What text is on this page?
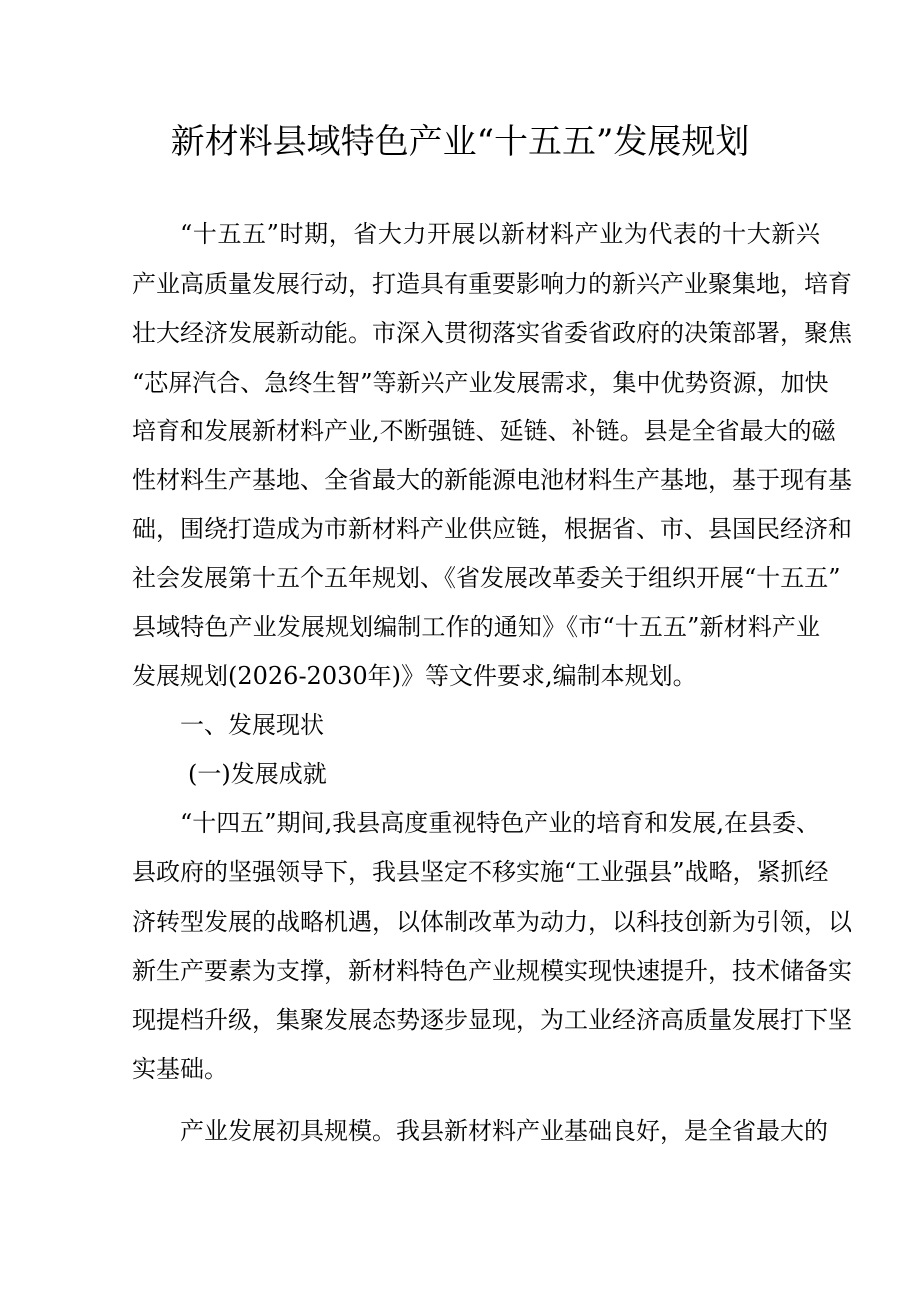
新材料县域特色产业“十五五”发展规划
“十五五”时期，省大力开展以新材料产业为代表的十大新兴
产业高质量发展行动，打造具有重要影响力的新兴产业聚集地，培育
壮大经济发展新动能。市深入贯彻落实省委省政府的决策部署，聚焦
“芯屏汽合、急终生智”等新兴产业发展需求，集中优势资源，加快
培育和发展新材料产业,不断强链、延链、补链。县是全省最大的磁
性材料生产基地、全省最大的新能源电池材料生产基地，基于现有基
础，围绕打造成为市新材料产业供应链，根据省、市、县国民经济和
社会发展第十五个五年规划、《省发展改革委关于组织开展“十五五”
县域特色产业发展规划编制工作的通知》《市“十五五”新材料产业
发展规划(2026-2030年)》等文件要求,编制本规划。
一、发展现状
(一)发展成就
“十四五”期间,我县高度重视特色产业的培育和发展,在县委、
县政府的坚强领导下，我县坚定不移实施“工业强县”战略，紧抓经
济转型发展的战略机遇，以体制改革为动力，以科技创新为引领，以
新生产要素为支撑，新材料特色产业规模实现快速提升，技术储备实
现提档升级，集聚发展态势逐步显现，为工业经济高质量发展打下坚
实基础。
产业发展初具规模。我县新材料产业基础良好，是全省最大的
